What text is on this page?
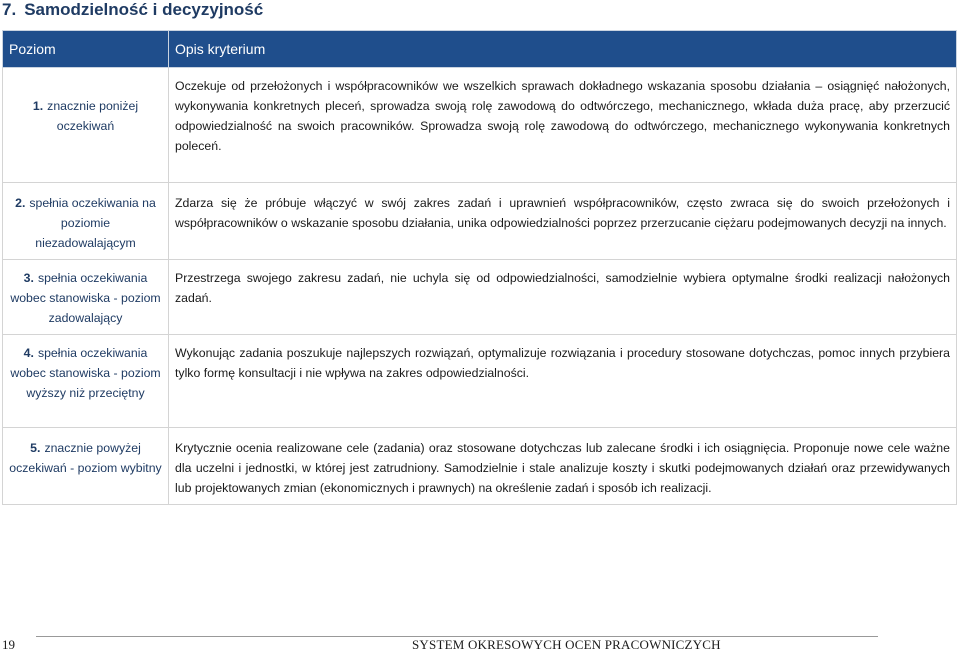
7. Samodzielność i decyzyjność
Poziom	Opis kryterium
1. znacznie poniżej oczekiwań	Oczekuje od przełożonych i współpracowników we wszelkich sprawach dokładnego wskazania sposobu działania – osiągnięć nałożonych, wykonywania konkretnych pleceń, sprowadza swoją rolę zawodową do odtwórczego, mechanicznego, wkłada duża pracę, aby przerzucić odpowiedzialność na swoich pracowników. Sprowadza swoją rolę zawodową do odtwórczego, mechanicznego wykonywania konkretnych poleceń.
2. spełnia oczekiwania na poziomie niezadowalającym	Zdarza się że próbuje włączyć w swój zakres zadań i uprawnień współpracowników, często zwraca się do swoich przełożonych i współpracowników o wskazanie sposobu działania, unika odpowiedzialności poprzez przerzucanie ciężaru podejmowanych decyzji na innych.
3. spełnia oczekiwania wobec stanowiska - poziom zadowalający	Przestrzega swojego zakresu zadań, nie uchyla się od odpowiedzialności, samodzielnie wybiera optymalne środki realizacji nałożonych zadań.
4. spełnia oczekiwania wobec stanowiska - poziom wyższy niż przeciętny	Wykonując zadania poszukuje najlepszych rozwiązań, optymalizuje rozwiązania i procedury stosowane dotychczas, pomoc innych przybiera tylko formę konsultacji i nie wpływa na zakres odpowiedzialności.
5. znacznie powyżej oczekiwań - poziom wybitny	Krytycznie ocenia realizowane cele (zadania) oraz stosowane dotychczas lub zalecane środki i ich osiągnięcia. Proponuje nowe cele ważne dla uczelni i jednostki, w której jest zatrudniony. Samodzielnie i stale analizuje koszty i skutki podejmowanych działań oraz przewidywanych lub projektowanych zmian (ekonomicznych i prawnych) na określenie zadań i sposób ich realizacji.
19	SYSTEM OKRESOWYCH OCEN PRACOWNICZYCH
